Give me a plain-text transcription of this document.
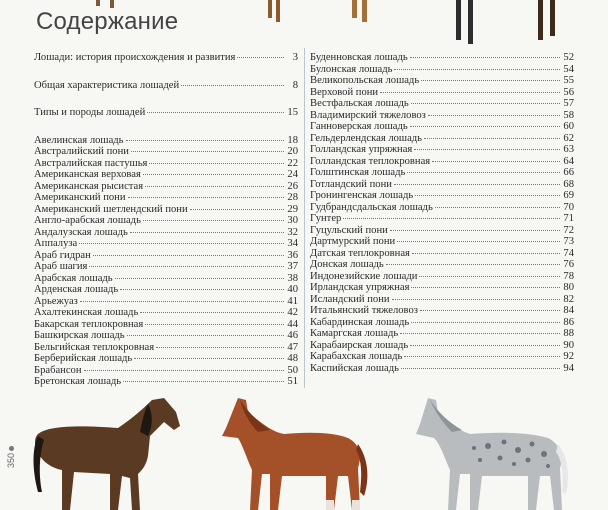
Содержание
Лошади: история происхождения и развития	3
Общая характеристика лошадей	8
Типы и породы лошадей	15
Авелинская лошадь	18
Австралийский пони	20
Австралийская пастушья	22
Американская верховая	24
Американская рысистая	26
Американский пони	28
Американский шетлендский пони	29
Англо-арабская лошадь	30
Андалузская лошадь	32
Аппалуза	34
Араб гидран	36
Араб шагия	37
Арабская лошадь	38
Арденская лошадь	40
Арьежуаз	41
Ахалтекинская лошадь	42
Бакарская теплокровная	44
Башкирская лошадь	46
Бельгийская теплокровная	47
Берберийская лошадь	48
Брабансон	50
Бретонская лошадь	51
Буденновская лошадь	52
Булонская лошадь	54
Великопольская лошадь	55
Верховой пони	56
Вестфальская лошадь	57
Владимирский тяжеловоз	58
Ганноверская лошадь	60
Гельдерлендская лошадь	62
Голландская упряжная	63
Голландская теплокровная	64
Голштинская лошадь	66
Готландский пони	68
Гронингенская лошадь	69
Гудбрандсдальская лошадь	70
Гунтер	71
Гуцульский пони	72
Дартмурский пони	73
Датская теплокровная	74
Донская лошадь	76
Индонезийские лошади	78
Ирландская упряжная	80
Исландский пони	82
Итальянский тяжеловоз	84
Кабардинская лошадь	86
Камаргская лошадь	88
Карабаирская лошадь	90
Карабахская лошадь	92
Каспийская лошадь	94
350
